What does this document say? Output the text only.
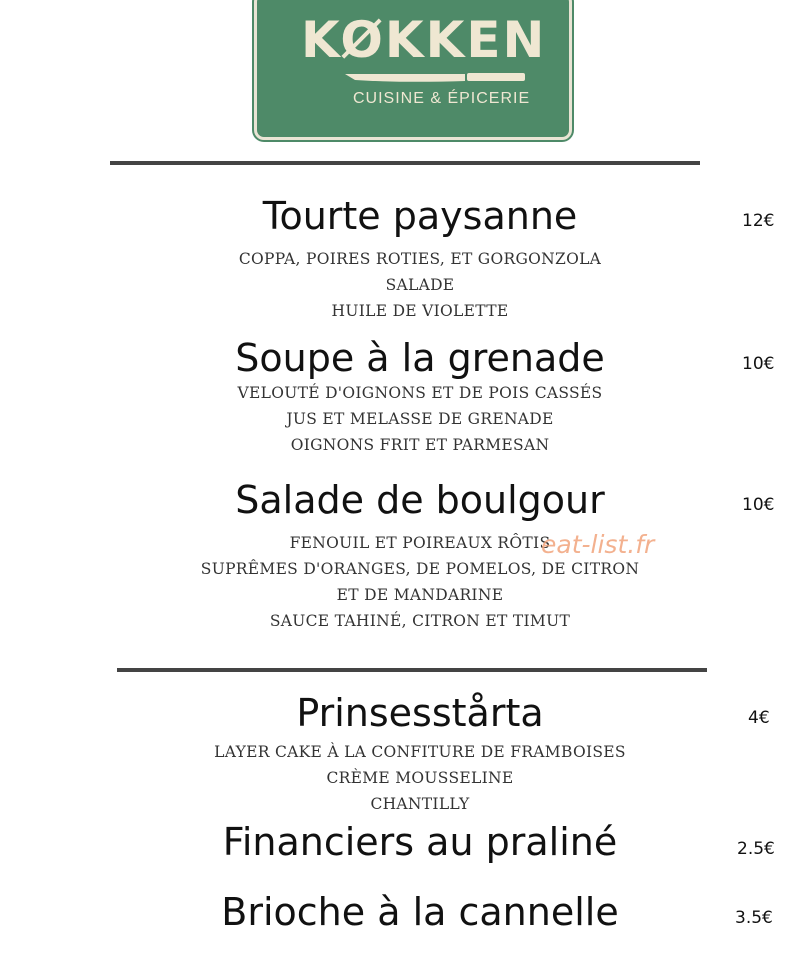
KØKKEN
CUISINE & ÉPICERIE
Tourte paysanne	12€
COPPA, POIRES ROTIES, ET GORGONZOLA
SALADE
HUILE DE VIOLETTE
Soupe à la grenade	10€
VELOUTÉ D'OIGNONS ET DE POIS CASSÉS
JUS ET MELASSE DE GRENADE
OIGNONS FRIT ET PARMESAN
Salade de boulgour	10€
FENOUIL ET POIREAUX RÔTIS
SUPRÊMES D'ORANGES, DE POMELOS, DE CITRON
ET DE MANDARINE
SAUCE TAHINÉ, CITRON ET TIMUT
eat-list.fr
Prinsesstårta	4€
LAYER CAKE À LA CONFITURE DE FRAMBOISES
CRÈME MOUSSELINE
CHANTILLY
Financiers au praliné	2.5€
Brioche à la cannelle	3.5€
